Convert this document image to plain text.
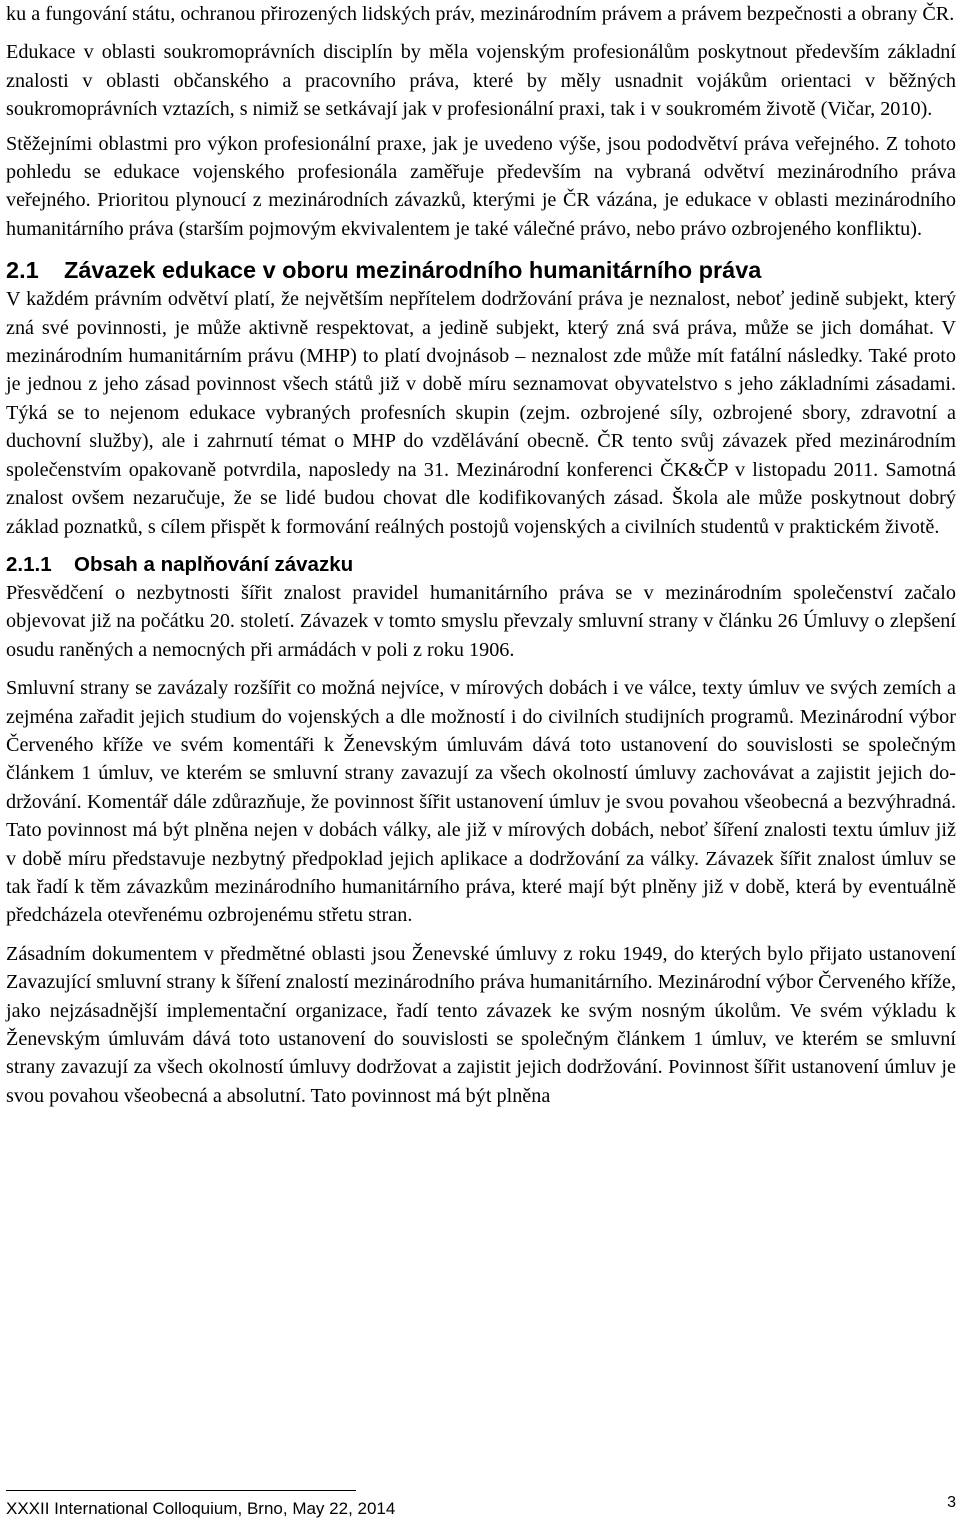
ku a fungování státu, ochranou přirozených lidských práv, mezinárodním právem a právem bezpečnosti a obrany ČR.

Edukace v oblasti soukromoprávních disciplín by měla vojenským profesionálům poskytnout především základní znalosti v oblasti občanského a pracovního práva, které by měly usnadnit vojákům orientaci v běžných soukromoprávních vztazích, s nimiž se setkávají jak v profesionální praxi, tak i v soukromém životě (Vičar, 2010).

Stěžejními oblastmi pro výkon profesionální praxe, jak je uvedeno výše, jsou pododvětví práva veřejného. Z tohoto pohledu se edukace vojenského profesionála zaměřuje především na vybraná odvětví mezinárodního práva veřejného. Prioritou plynoucí z mezinárodních závazků, kterými je ČR vázána, je edukace v oblasti mezinárodního humanitárního práva (starším pojmovým ekvivalentem je také válečné právo, nebo právo ozbrojeného konfliktu).

2.1	Závazek edukace v oboru mezinárodního humanitárního práva

V každém právním odvětví platí, že největším nepřítelem dodržování práva je neznalost, neboť jedině subjekt, který zná své povinnosti, je může aktivně respektovat, a jedině subjekt, který zná svá práva, může se jich domáhat. V mezinárodním humanitárním právu (MHP) to platí dvojnásob – neznalost zde může mít fatální následky. Také proto je jednou z jeho zásad povinnost všech států již v době míru seznamovat obyvatelstvo s jeho základními zásadami. Týká se to nejenom edukace vybraných profesních skupin (zejm. ozbrojené síly, ozbrojené sbory, zdravotní a duchovní služby), ale i zahrnutí témat o MHP do vzdělávání obecně. ČR tento svůj závazek před mezinárodním společenstvím opakovaně potvrdila, naposledy na 31. Mezinárodní konferenci ČK&ČP v listopadu 2011. Samotná znalost ovšem nezaručuje, že se lidé budou chovat dle kodifikovaných zásad. Škola ale může poskytnout dobrý základ poznatků, s cílem přispět k formování reálných postojů vojenských a civilních studentů v praktickém životě.

2.1.1	Obsah a naplňování závazku

Přesvědčení o nezbytnosti šířit znalost pravidel humanitárního práva se v mezinárodním společenství začalo objevovat již na počátku 20. století. Závazek v tomto smyslu převzaly smluvní strany v článku 26 Úmluvy o zlepšení osudu raněných a nemocných při armádách v poli z roku 1906.

Smluvní strany se zavázaly rozšířit co možná nejvíce, v mírových dobách i ve válce, texty úmluv ve svých zemích a zejména zařadit jejich studium do vojenských a dle možností i do civilních studijních programů. Mezinárodní výbor Červeného kříže ve svém komentáři k Ženevským úmluvám dává toto ustanovení do souvislosti se společným článkem 1 úmluv, ve kterém se smluvní strany zavazují za všech okolností úmluvy zachovávat a zajistit jejich dodržování. Komentář dále zdůrazňuje, že povinnost šířit ustanovení úmluv je svou povahou všeobecná a bezvýhradná. Tato povinnost má být plněna nejen v dobách války, ale již v mírových dobách, neboť šíření znalosti textu úmluv již v době míru představuje nezbytný předpoklad jejich aplikace a dodržování za války. Závazek šířit znalost úmluv se tak řadí k těm závazkům mezinárodního humanitárního práva, které mají být plněny již v době, která by eventuálně předcházela otevřenému ozbrojenému střetu stran.

Zásadním dokumentem v předmětné oblasti jsou Ženevské úmluvy z roku 1949, do kterých bylo přijato ustanovení Zavazující smluvní strany k šíření znalostí mezinárodního práva humanitárního. Mezinárodní výbor Červeného kříže, jako nejzásadnější implementační organizace, řadí tento závazek ke svým nosným úkolům. Ve svém výkladu k Ženevským úmluvám dává toto ustanovení do souvislosti se společným článkem 1 úmluv, ve kterém se smluvní strany zavazují za všech okolností úmluvy dodržovat a zajistit jejich dodržování. Povinnost šířit ustanovení úmluv je svou povahou všeobecná a absolutní. Tato povinnost má být plněna

XXXII International Colloquium, Brno, May 22, 2014	3
